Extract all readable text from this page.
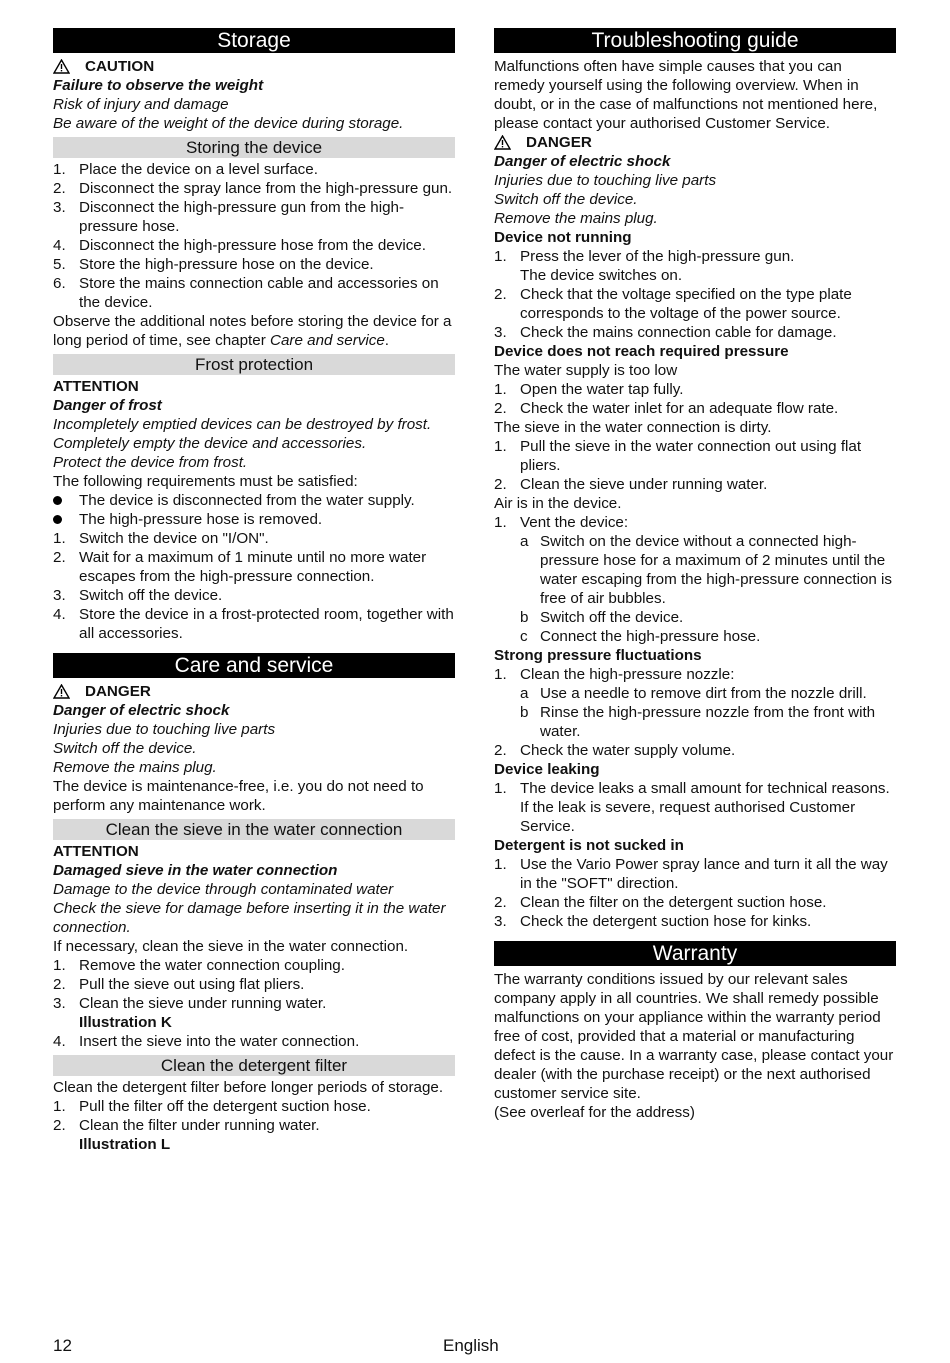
Storage
CAUTION
Failure to observe the weight
Risk of injury and damage
Be aware of the weight of the device during storage.
Storing the device
1. Place the device on a level surface.
2. Disconnect the spray lance from the high-pressure gun.
3. Disconnect the high-pressure gun from the high-pressure hose.
4. Disconnect the high-pressure hose from the device.
5. Store the high-pressure hose on the device.
6. Store the mains connection cable and accessories on the device.
Observe the additional notes before storing the device for a long period of time, see chapter Care and service.
Frost protection
ATTENTION
Danger of frost
Incompletely emptied devices can be destroyed by frost.
Completely empty the device and accessories.
Protect the device from frost.
The following requirements must be satisfied:
The device is disconnected from the water supply.
The high-pressure hose is removed.
1. Switch the device on "I/ON".
2. Wait for a maximum of 1 minute until no more water escapes from the high-pressure connection.
3. Switch off the device.
4. Store the device in a frost-protected room, together with all accessories.
Care and service
DANGER
Danger of electric shock
Injuries due to touching live parts
Switch off the device.
Remove the mains plug.
The device is maintenance-free, i.e. you do not need to perform any maintenance work.
Clean the sieve in the water connection
ATTENTION
Damaged sieve in the water connection
Damage to the device through contaminated water
Check the sieve for damage before inserting it in the water connection.
If necessary, clean the sieve in the water connection.
1. Remove the water connection coupling.
2. Pull the sieve out using flat pliers.
3. Clean the sieve under running water.
Illustration K
4. Insert the sieve into the water connection.
Clean the detergent filter
Clean the detergent filter before longer periods of storage.
1. Pull the filter off the detergent suction hose.
2. Clean the filter under running water.
Illustration L
Troubleshooting guide
Malfunctions often have simple causes that you can remedy yourself using the following overview. When in doubt, or in the case of malfunctions not mentioned here, please contact your authorised Customer Service.
DANGER
Danger of electric shock
Injuries due to touching live parts
Switch off the device.
Remove the mains plug.
Device not running
1. Press the lever of the high-pressure gun.
The device switches on.
2. Check that the voltage specified on the type plate corresponds to the voltage of the power source.
3. Check the mains connection cable for damage.
Device does not reach required pressure
The water supply is too low
1. Open the water tap fully.
2. Check the water inlet for an adequate flow rate.
The sieve in the water connection is dirty.
1. Pull the sieve in the water connection out using flat pliers.
2. Clean the sieve under running water.
Air is in the device.
1. Vent the device:
a Switch on the device without a connected high-pressure hose for a maximum of 2 minutes until the water escaping from the high-pressure connection is free of air bubbles.
b Switch off the device.
c Connect the high-pressure hose.
Strong pressure fluctuations
1. Clean the high-pressure nozzle:
a Use a needle to remove dirt from the nozzle drill.
b Rinse the high-pressure nozzle from the front with water.
2. Check the water supply volume.
Device leaking
1. The device leaks a small amount for technical reasons. If the leak is severe, request authorised Customer Service.
Detergent is not sucked in
1. Use the Vario Power spray lance and turn it all the way in the "SOFT" direction.
2. Clean the filter on the detergent suction hose.
3. Check the detergent suction hose for kinks.
Warranty
The warranty conditions issued by our relevant sales company apply in all countries. We shall remedy possible malfunctions on your appliance within the warranty period free of cost, provided that a material or manufacturing defect is the cause. In a warranty case, please contact your dealer (with the purchase receipt) or the next authorised customer service site.
(See overleaf for the address)
12	English
